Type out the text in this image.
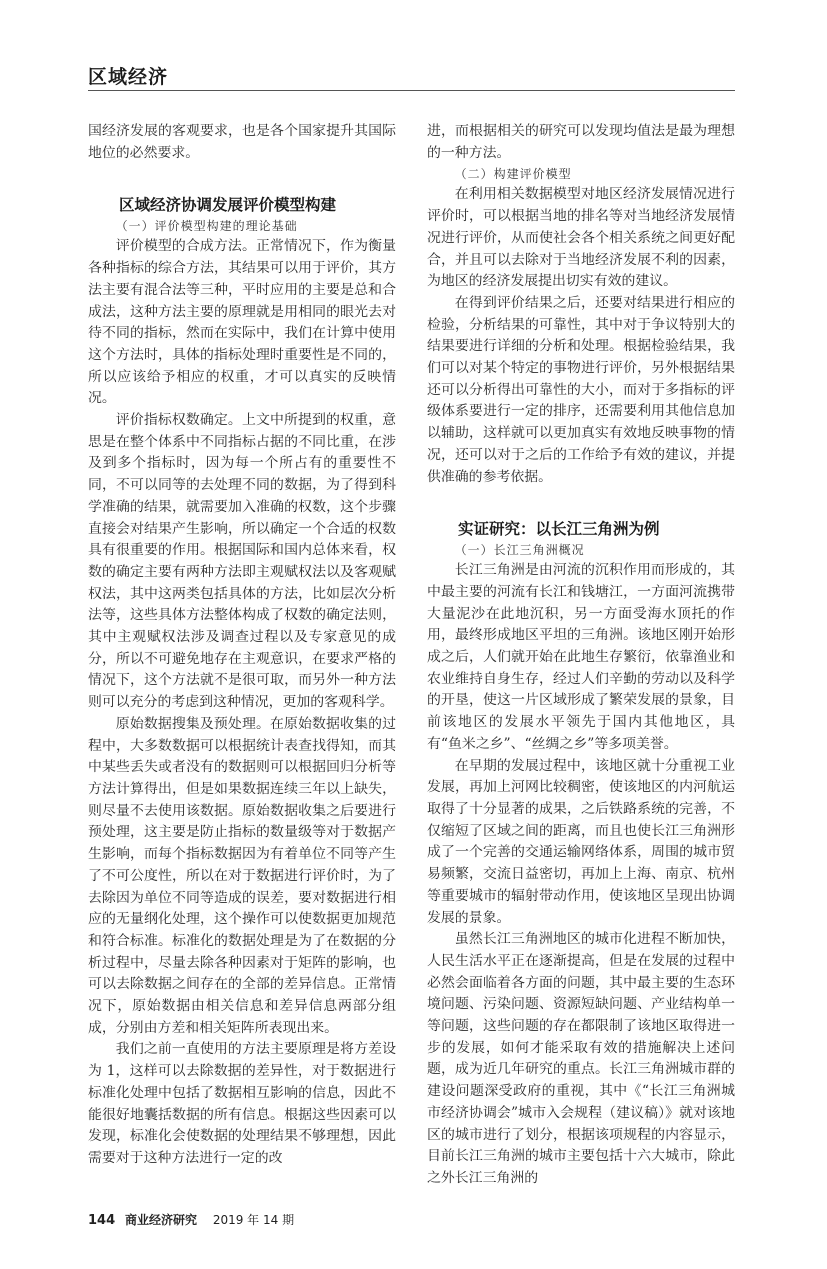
区域经济

国经济发展的客观要求，也是各个国家提升其国际地位的必然要求。

区域经济协调发展评价模型构建
（一）评价模型构建的理论基础

评价模型的合成方法。正常情况下，作为衡量各种指标的综合方法，其结果可以用于评价，其方法主要有混合法等三种，平时应用的主要是总和合成法，这种方法主要的原理就是用相同的眼光去对待不同的指标，然而在实际中，我们在计算中使用这个方法时，具体的指标处理时重要性是不同的，所以应该给予相应的权重，才可以真实的反映情况。

评价指标权数确定。上文中所提到的权重，意思是在整个体系中不同指标占据的不同比重，在涉及到多个指标时，因为每一个所占有的重要性不同，不可以同等的去处理不同的数据，为了得到科学准确的结果，就需要加入准确的权数，这个步骤直接会对结果产生影响，所以确定一个合适的权数具有很重要的作用。根据国际和国内总体来看，权数的确定主要有两种方法即主观赋权法以及客观赋权法，其中这两类包括具体的方法，比如层次分析法等，这些具体方法整体构成了权数的确定法则，其中主观赋权法涉及调查过程以及专家意见的成分，所以不可避免地存在主观意识，在要求严格的情况下，这个方法就不是很可取，而另外一种方法则可以充分的考虑到这种情况，更加的客观科学。

原始数据搜集及预处理。在原始数据收集的过程中，大多数数据可以根据统计表查找得知，而其中某些丢失或者没有的数据则可以根据回归分析等方法计算得出，但是如果数据连续三年以上缺失，则尽量不去使用该数据。原始数据收集之后要进行预处理，这主要是防止指标的数量级等对于数据产生影响，而每个指标数据因为有着单位不同等产生了不可公度性，所以在对于数据进行评价时，为了去除因为单位不同等造成的误差，要对数据进行相应的无量纲化处理，这个操作可以使数据更加规范和符合标准。标准化的数据处理是为了在数据的分析过程中，尽量去除各种因素对于矩阵的影响，也可以去除数据之间存在的全部的差异信息。正常情况下，原始数据由相关信息和差异信息两部分组成，分别由方差和相关矩阵所表现出来。

我们之前一直使用的方法主要原理是将方差设为 1，这样可以去除数据的差异性，对于数据进行标准化处理中包括了数据相互影响的信息，因此不能很好地囊括数据的所有信息。根据这些因素可以发现，标准化会使数据的处理结果不够理想，因此需要对于这种方法进行一定的改

进，而根据相关的研究可以发现均值法是最为理想的一种方法。

（二）构建评价模型

在利用相关数据模型对地区经济发展情况进行评价时，可以根据当地的排名等对当地经济发展情况进行评价，从而使社会各个相关系统之间更好配合，并且可以去除对于当地经济发展不利的因素，为地区的经济发展提出切实有效的建议。

在得到评价结果之后，还要对结果进行相应的检验，分析结果的可靠性，其中对于争议特别大的结果要进行详细的分析和处理。根据检验结果，我们可以对某个特定的事物进行评价，另外根据结果还可以分析得出可靠性的大小，而对于多指标的评级体系要进行一定的排序，还需要利用其他信息加以辅助，这样就可以更加真实有效地反映事物的情况，还可以对于之后的工作给予有效的建议，并提供准确的参考依据。

实证研究：以长江三角洲为例
（一）长江三角洲概况

长江三角洲是由河流的沉积作用而形成的，其中最主要的河流有长江和钱塘江，一方面河流携带大量泥沙在此地沉积，另一方面受海水顶托的作用，最终形成地区平坦的三角洲。该地区刚开始形成之后，人们就开始在此地生存繁衍，依靠渔业和农业维持自身生存，经过人们辛勤的劳动以及科学的开垦，使这一片区域形成了繁荣发展的景象，目前该地区的发展水平领先于国内其他地区，具有“鱼米之乡”、“丝绸之乡”等多项美誉。

在早期的发展过程中，该地区就十分重视工业发展，再加上河网比较稠密，使该地区的内河航运取得了十分显著的成果，之后铁路系统的完善，不仅缩短了区域之间的距离，而且也使长江三角洲形成了一个完善的交通运输网络体系，周围的城市贸易频繁，交流日益密切，再加上上海、南京、杭州等重要城市的辐射带动作用，使该地区呈现出协调发展的景象。

虽然长江三角洲地区的城市化进程不断加快，人民生活水平正在逐渐提高，但是在发展的过程中必然会面临着各方面的问题，其中最主要的生态环境问题、污染问题、资源短缺问题、产业结构单一等问题，这些问题的存在都限制了该地区取得进一步的发展，如何才能采取有效的措施解决上述问题，成为近几年研究的重点。长江三角洲城市群的建设问题深受政府的重视，其中《“长江三角洲城市经济协调会”城市入会规程（建议稿）》就对该地区的城市进行了划分，根据该项规程的内容显示，目前长江三角洲的城市主要包括十六大城市，除此之外长江三角洲的

144 商业经济研究 2019 年 14 期
